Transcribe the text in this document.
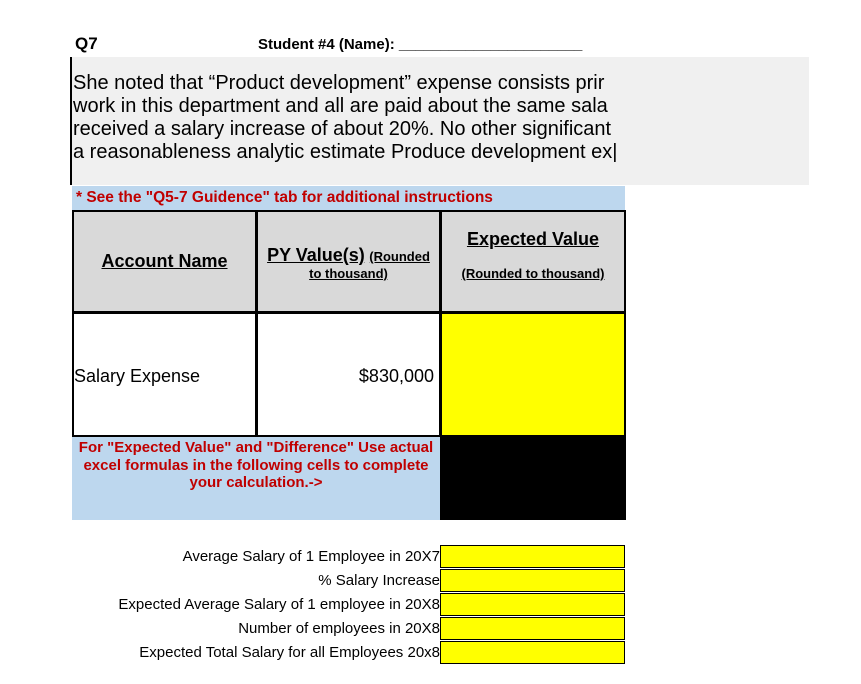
Q7	Student #4 (Name): ______________________
She noted that “Product development” expense consists prir
work in this department and all are paid about the same sala
received a salary increase of about 20%. No other significant
a reasonableness analytic estimate Produce development ex|
* See the "Q5-7 Guidence" tab for additional instructions
Account Name PY Value(s) (Rounded
to thousand)
Expected Value
(Rounded to thousand)
Salary Expense	$830,000
For "Expected Value" and "Difference" Use actual excel formulas in the following cells to complete your calculation.->
Average Salary of 1 Employee in 20X7
% Salary Increase
Expected Average Salary of 1 employee in 20X8
Number of employees in 20X8
Expected Total Salary for all Employees 20x8
